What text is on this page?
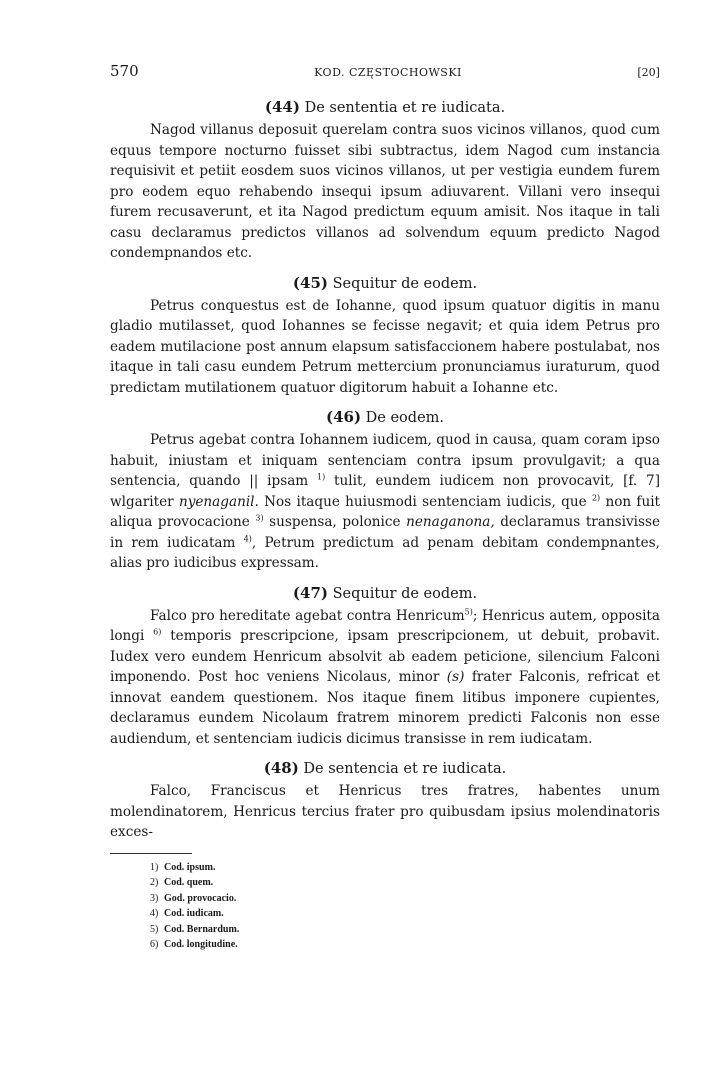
570	KOD. CZĘSTOCHOWSKI	[20]

(44) De sententia et re iudicata.

Nagod villanus deposuit querelam contra suos vicinos villanos, quod cum equus tempore nocturno fuisset sibi subtractus, idem Nagod cum instancia requisivit et petiit eosdem suos vicinos villanos, ut per vestigia eundem furem pro eodem equo rehabendo insequi ipsum adiuvarent. Villani vero insequi furem recusaverunt, et ita Nagod predictum equum amisit. Nos itaque in tali casu declaramus predictos villanos ad solvendum equum predicto Nagod condempnandos etc.

(45) Sequitur de eodem.

Petrus conquestus est de Iohanne, quod ipsum quatuor digitis in manu gladio mutilasset, quod Iohannes se fecisse negavit; et quia idem Petrus pro eadem mutilacione post annum elapsum satisfaccionem habere postulabat, nos itaque in tali casu eundem Petrum mettercium pronunciamus iuraturum, quod predictam mutilationem quatuor digitorum habuit a Iohanne etc.

(46) De eodem.

Petrus agebat contra Iohannem iudicem, quod in causa, quam coram ipso habuit, iniustam et iniquam sentenciam contra ipsum provulgavit; a qua sentencia, quando || ipsam $^{1)}$ tulit, eundem iudicem non provocavit, [f. 7] wlgariter nyenaganil. Nos itaque huiusmodi sentenciam iudicis, que $^{2)}$ non fuit aliqua provocacione $^{3)}$ suspensa, polonice nenaganona, declaramus transivisse in rem iudicatam $^{4)}$, Petrum predictum ad penam debitam condempnantes, alias pro iudicibus expressam.

(47) Sequitur de eodem.

Falco pro hereditate agebat contra Henricum$^{5)}$; Henricus autem, opposita longi $^{6)}$ temporis prescripcione, ipsam prescripcionem, ut debuit, probavit. Iudex vero eundem Henricum absolvit ab eadem peticione, silencium Falconi imponendo. Post hoc veniens Nicolaus, minor (s) frater Falconis, refricat et innovat eandem questionem. Nos itaque finem litibus imponere cupientes, declaramus eundem Nicolaum fratrem minorem predicti Falconis non esse audiendum, et sentenciam iudicis dicimus transisse in rem iudicatam.

(48) De sentencia et re iudicata.

Falco, Franciscus et Henricus tres fratres, habentes unum molendinatorem, Henricus tercius frater pro quibusdam ipsius molendinatoris exces-

1) Cod. ipsum.
2) Cod. quem.
3) God. provocacio.
4) Cod. iudicam.
5) Cod. Bernardum.
6) Cod. longitudine.
